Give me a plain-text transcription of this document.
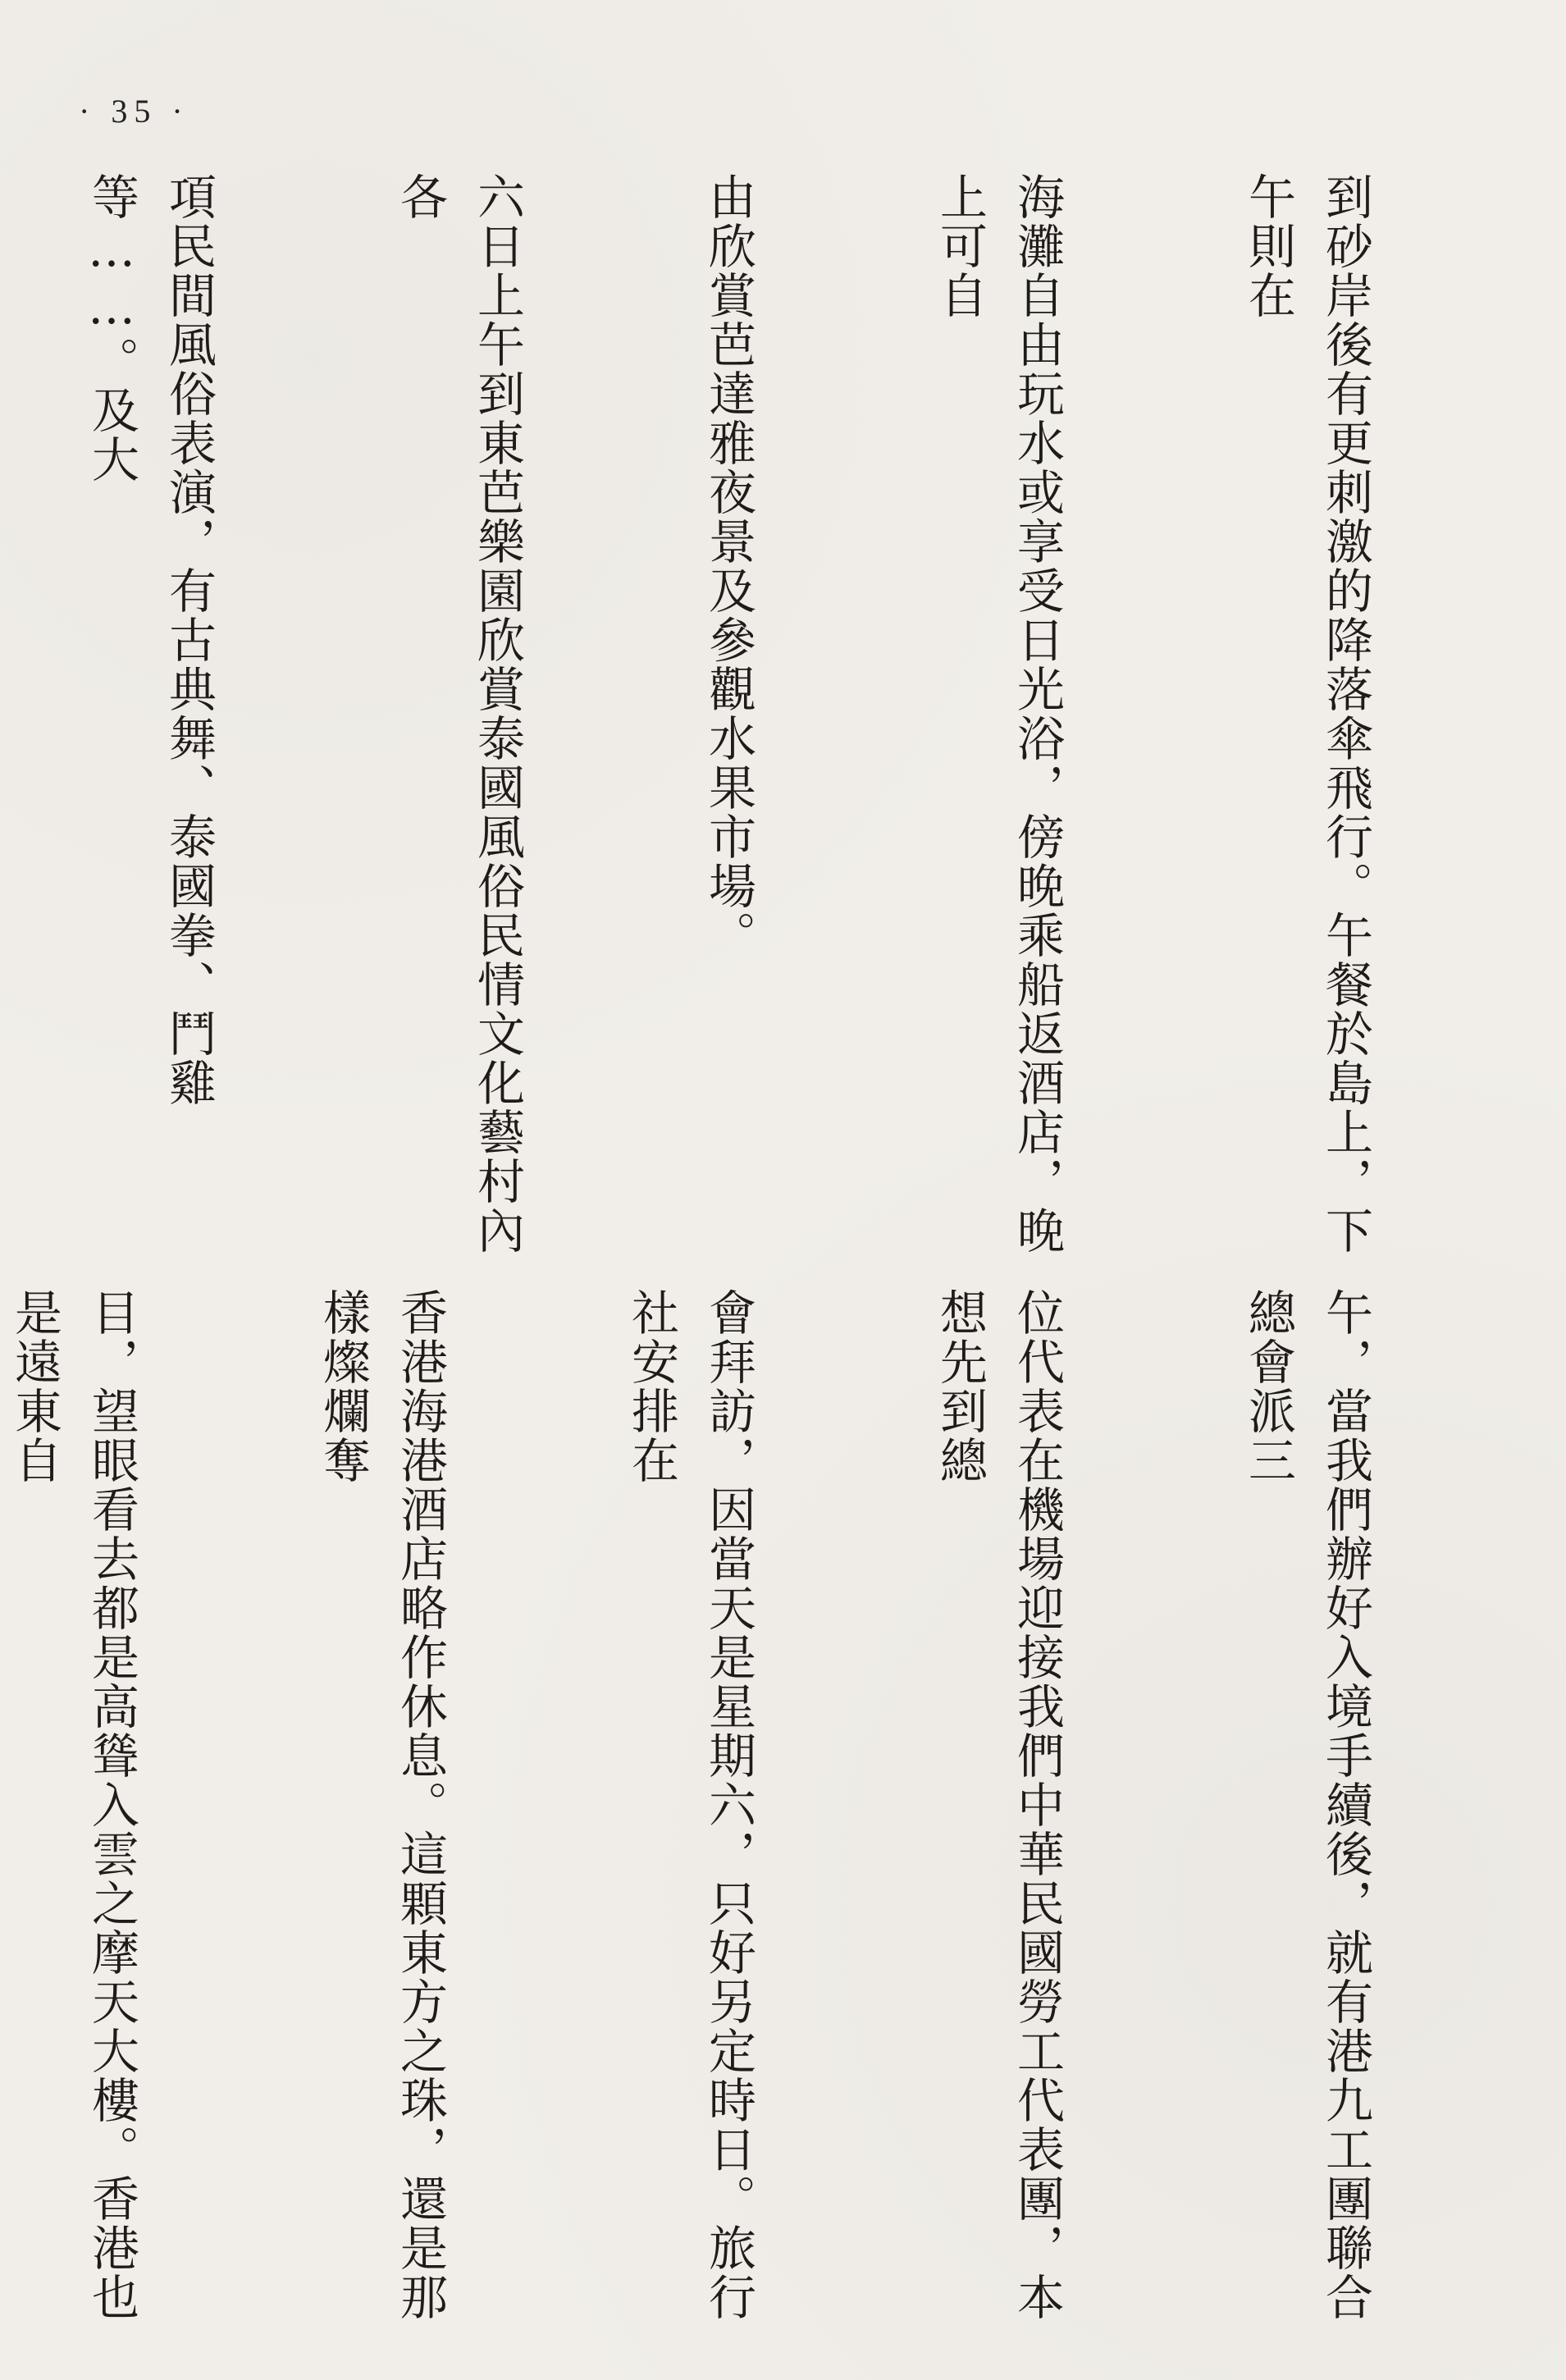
· 35 ·

到砂岸後有更刺激的降落傘飛行。午餐於島上，下午則在

海灘自由玩水或享受日光浴，傍晚乘船返酒店，晚上可自

由欣賞芭達雅夜景及參觀水果市場。

六日上午到東芭樂園欣賞泰國風俗民情文化藝村內各

項民間風俗表演，有古典舞、泰國拳、鬥雞等……。及大

午，當我們辦好入境手續後，就有港九工團聯合總會派三

位代表在機場迎接我們中華民國勞工代表團，本想先到總

會拜訪，因當天是星期六，只好另定時日。旅行社安排在

香港海港酒店略作休息。這顆東方之珠，還是那樣燦爛奪

目，望眼看去都是高聳入雲之摩天大樓。香港也是遠東自
